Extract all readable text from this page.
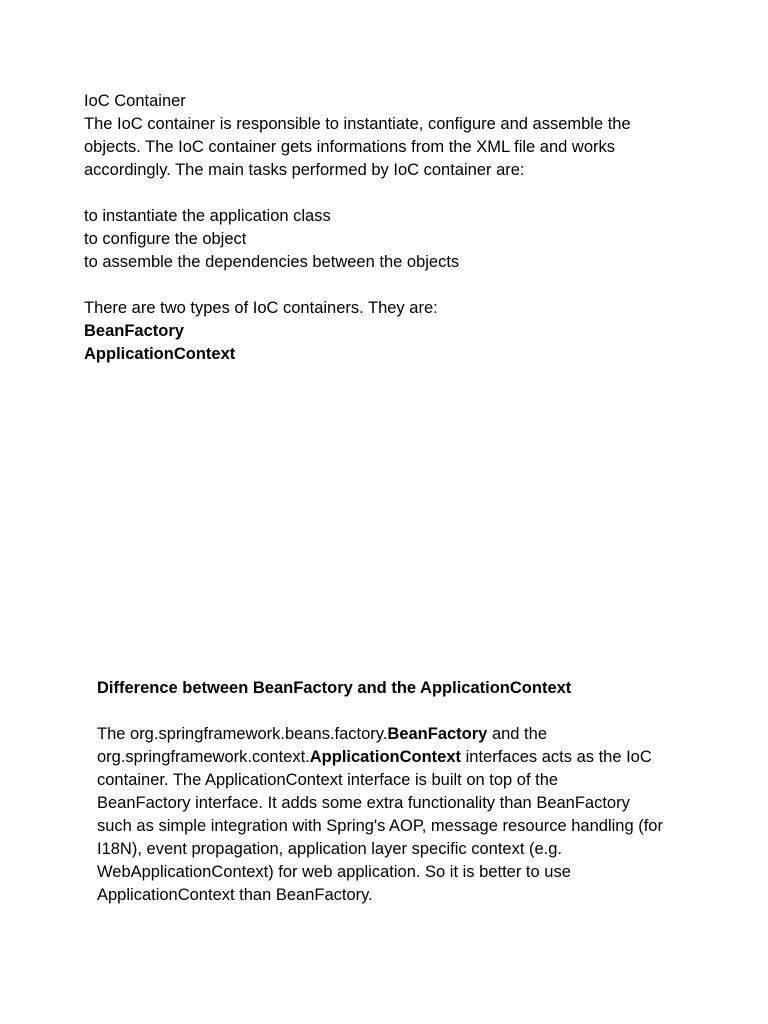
IoC Container
The IoC container is responsible to instantiate, configure and assemble the
objects. The IoC container gets informations from the XML file and works
accordingly. The main tasks performed by IoC container are:
to instantiate the application class
to configure the object
to assemble the dependencies between the objects
There are two types of IoC containers. They are:
BeanFactory
ApplicationContext
Difference between BeanFactory and the ApplicationContext
The org.springframework.beans.factory.BeanFactory and the
org.springframework.context.ApplicationContext interfaces acts as the IoC
container. The ApplicationContext interface is built on top of the
BeanFactory interface. It adds some extra functionality than BeanFactory
such as simple integration with Spring's AOP, message resource handling (for
I18N), event propagation, application layer specific context (e.g.
WebApplicationContext) for web application. So it is better to use
ApplicationContext than BeanFactory.
